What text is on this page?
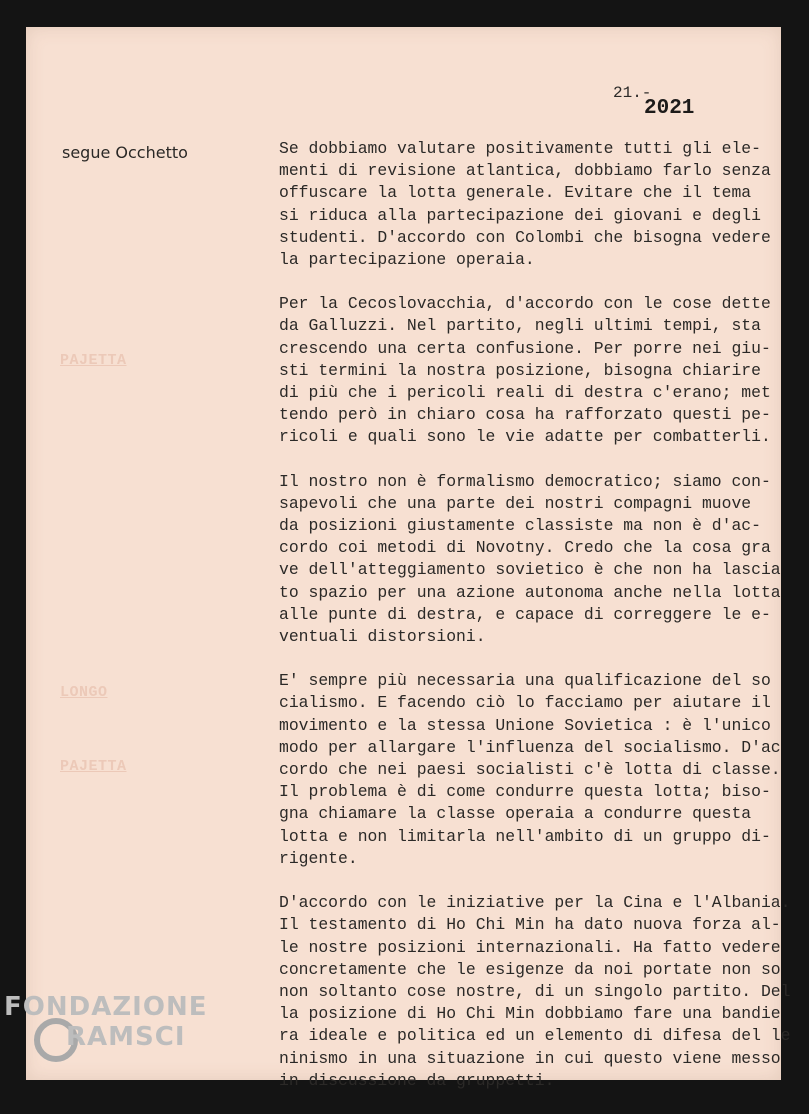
PAJETTA
LONGO
PAJETTA
21.-
2021
segue Occhetto	Se dobbiamo valutare positivamente tutti gli ele-
menti di revisione atlantica, dobbiamo farlo senza
offuscare la lotta generale. Evitare che il tema
si riduca alla partecipazione dei giovani e degli
studenti. D'accordo con Colombi che bisogna vedere
la partecipazione operaia.
Per la Cecoslovacchia, d'accordo con le cose dette
da Galluzzi. Nel partito, negli ultimi tempi, sta
crescendo una certa confusione. Per porre nei giu-
sti termini la nostra posizione, bisogna chiarire
di più che i pericoli reali di destra c'erano; met
tendo però in chiaro cosa ha rafforzato questi pe-
ricoli e quali sono le vie adatte per combatterli.
Il nostro non è formalismo democratico; siamo con-
sapevoli che una parte dei nostri compagni muove
da posizioni giustamente classiste ma non è d'ac-
cordo coi metodi di Novotny. Credo che la cosa gra
ve dell'atteggiamento sovietico è che non ha lascia
to spazio per una azione autonoma anche nella lotta
alle punte di destra, e capace di correggere le e-
ventuali distorsioni.
E' sempre più necessaria una qualificazione del so
cialismo. E facendo ciò lo facciamo per aiutare il
movimento e la stessa Unione Sovietica : è l'unico
modo per allargare l'influenza del socialismo. D'ac
cordo che nei paesi socialisti c'è lotta di classe.
Il problema è di come condurre questa lotta; biso-
gna chiamare la classe operaia a condurre questa
lotta e non limitarla nell'ambito di un gruppo di-
rigente.
D'accordo con le iniziative per la Cina e l'Albania.
Il testamento di Ho Chi Min ha dato nuova forza al-
le nostre posizioni internazionali. Ha fatto vedere
concretamente che le esigenze da noi portate non so
non soltanto cose nostre, di un singolo partito. Del
la posizione di Ho Chi Min dobbiamo fare una bandie
ra ideale e politica ed un elemento di difesa del le
ninismo in una situazione in cui questo viene messo
in discussione da gruppetti.
FONDAZIONE
RAMSCI
